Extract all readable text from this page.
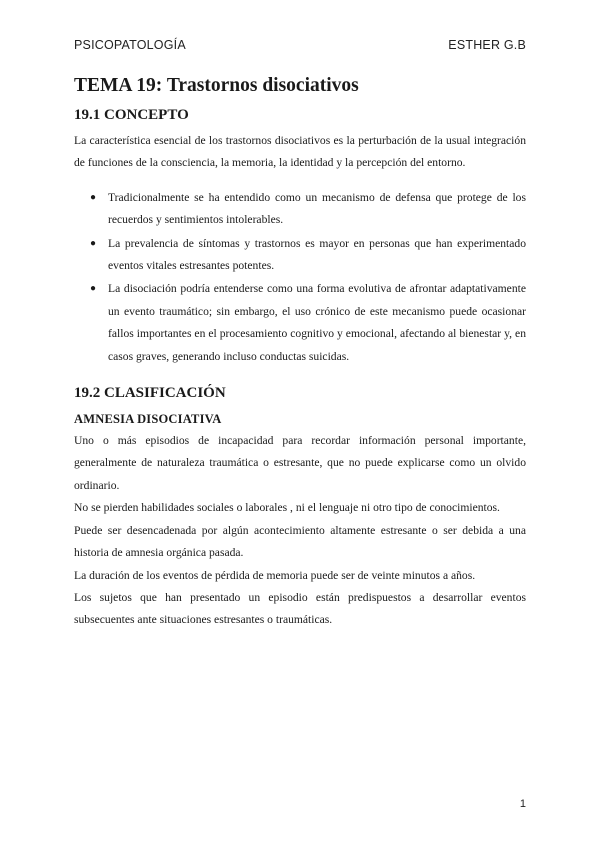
PSICOPATOLOGÍA	ESTHER G.B
TEMA 19: Trastornos disociativos
19.1 CONCEPTO

La característica esencial de los trastornos disociativos es la perturbación de la usual integración de funciones de la consciencia, la memoria, la identidad y la percepción del entorno.

● Tradicionalmente se ha entendido como un mecanismo de defensa que protege de los recuerdos y sentimientos intolerables.
● La prevalencia de síntomas y trastornos es mayor en personas que han experimentado eventos vitales estresantes potentes.
● La disociación podría entenderse como una forma evolutiva de afrontar adaptativamente un evento traumático; sin embargo, el uso crónico de este mecanismo puede ocasionar fallos importantes en el procesamiento cognitivo y emocional, afectando al bienestar y, en casos graves, generando incluso conductas suicidas.
19.2 CLASIFICACIÓN
AMNESIA DISOCIATIVA

Uno o más episodios de incapacidad para recordar información personal importante, generalmente de naturaleza traumática o estresante, que no puede explicarse como un olvido ordinario.

No se pierden habilidades sociales o laborales , ni el lenguaje ni otro tipo de conocimientos.

Puede ser desencadenada por algún acontecimiento altamente estresante o ser debida a una historia de amnesia orgánica pasada.

La duración de los eventos de pérdida de memoria puede ser de veinte minutos a años.

Los sujetos que han presentado un episodio están predispuestos a desarrollar eventos subsecuentes ante situaciones estresantes o traumáticas.

1
